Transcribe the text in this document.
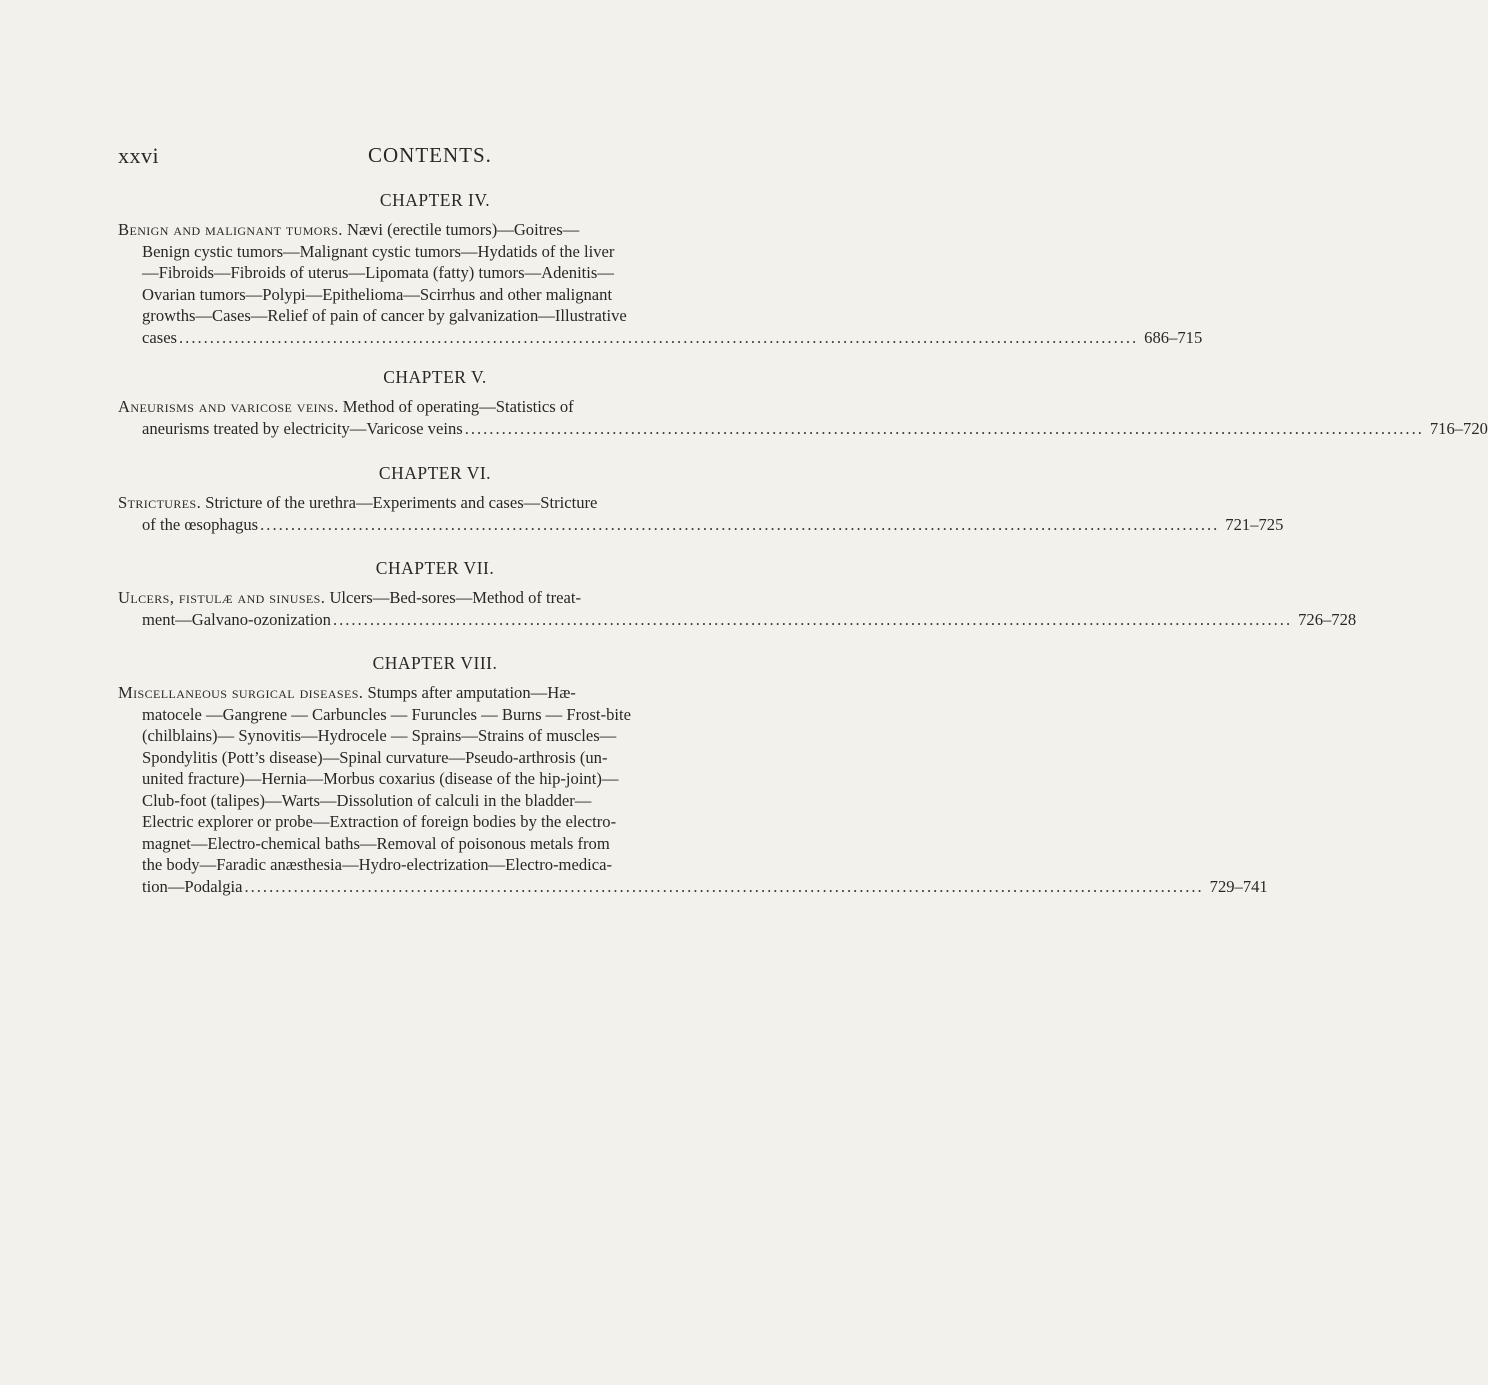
xxvi	CONTENTS.
CHAPTER IV.
Benign and malignant tumors. Nævi (erectile tumors)—Goitres—
Benign cystic tumors—Malignant cystic tumors—Hydatids of the liver
—Fibroids—Fibroids of uterus—Lipomata (fatty) tumors—Adenitis—
Ovarian tumors—Polypi—Epithelioma—Scirrhus and other malignant
growths—Cases—Relief of pain of cancer by galvanization—Illustrative
cases ............................................................................................................................................................ 686–715
CHAPTER V.
Aneurisms and varicose veins. Method of operating—Statistics of
aneurisms treated by electricity—Varicose veins ............................................................................................................................................................ 716–720
CHAPTER VI.
Strictures. Stricture of the urethra—Experiments and cases—Stricture
of the œsophagus ............................................................................................................................................................ 721–725
CHAPTER VII.
Ulcers, fistulæ and sinuses. Ulcers—Bed-sores—Method of treat-
ment—Galvano-ozonization ............................................................................................................................................................ 726–728
CHAPTER VIII.
Miscellaneous surgical diseases. Stumps after amputation—Hæ-
matocele —Gangrene — Carbuncles — Furuncles — Burns — Frost-bite
(chilblains)— Synovitis—Hydrocele — Sprains—Strains of muscles—
Spondylitis (Pott’s disease)—Spinal curvature—Pseudo-arthrosis (un-
united fracture)—Hernia—Morbus coxarius (disease of the hip-joint)—
Club-foot (talipes)—Warts—Dissolution of calculi in the bladder—
Electric explorer or probe—Extraction of foreign bodies by the electro-
magnet—Electro-chemical baths—Removal of poisonous metals from
the body—Faradic anæsthesia—Hydro-electrization—Electro-medica-
tion—Podalgia ............................................................................................................................................................ 729–741
